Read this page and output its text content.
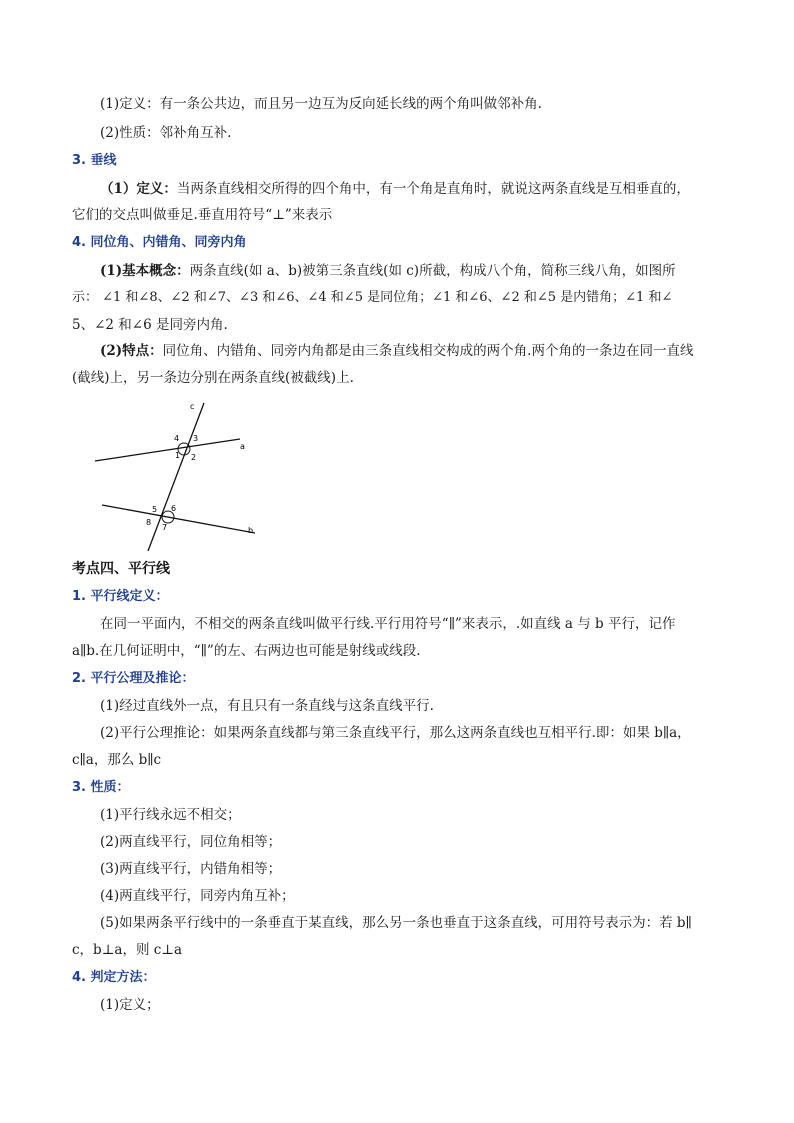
(1)定义：有一条公共边，而且另一边互为反向延长线的两个角叫做邻补角.
(2)性质：邻补角互补.
3. 垂线
（1）定义：当两条直线相交所得的四个角中，有一个角是直角时，就说这两条直线是互相垂直的，
它们的交点叫做垂足.垂直用符号“⊥”来表示
4. 同位角、内错角、同旁内角
(1)基本概念：两条直线(如 a、b)被第三条直线(如 c)所截，构成八个角，简称三线八角，如图所
示： ∠1 和∠8、∠2 和∠7、∠3 和∠6、∠4 和∠5 是同位角；∠1 和∠6、∠2 和∠5 是内错角；∠1 和∠
5、∠2 和∠6 是同旁内角.
(2)特点：同位角、内错角、同旁内角都是由三条直线相交构成的两个角.两个角的一条边在同一直线
(截线)上，另一条边分别在两条直线(被截线)上.
c
a
b
4 3
1 2
5 6
8
7
考点四、平行线
1. 平行线定义：
在同一平面内，不相交的两条直线叫做平行线.平行用符号“∥”来表示，.如直线 a 与 b 平行，记作
a∥b.在几何证明中，“∥”的左、右两边也可能是射线或线段.
2. 平行公理及推论：
(1)经过直线外一点，有且只有一条直线与这条直线平行.
(2)平行公理推论：如果两条直线都与第三条直线平行，那么这两条直线也互相平行.即：如果 b∥a，
c∥a，那么 b∥c
3. 性质：
(1)平行线永远不相交；
(2)两直线平行，同位角相等；
(3)两直线平行，内错角相等；
(4)两直线平行，同旁内角互补；
(5)如果两条平行线中的一条垂直于某直线，那么另一条也垂直于这条直线，可用符号表示为：若 b∥
c，b⊥a，则 c⊥a
4. 判定方法：
(1)定义；
